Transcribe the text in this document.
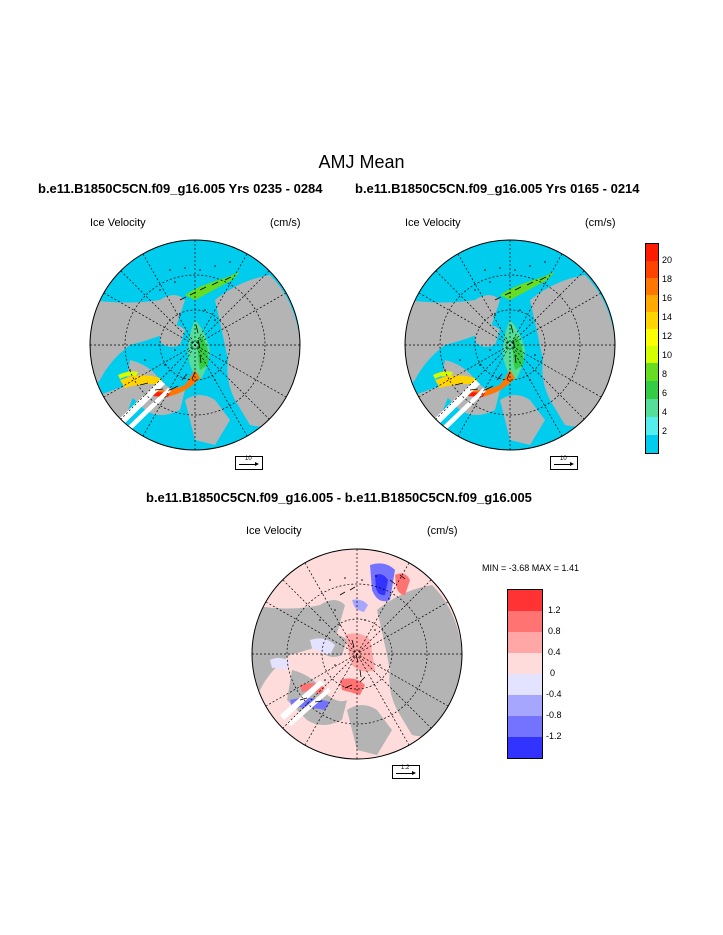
AMJ Mean
b.e11.B1850C5CN.f09_g16.005 Yrs 0235 - 0284 b.e11.B1850C5CN.f09_g16.005 Yrs 0165 - 0214
Ice Velocity	(cm/s)	Ice Velocity	(cm/s)
10	10
20
18
16
14
12
10
8
6
4
2
b.e11.B1850C5CN.f09_g16.005 - b.e11.B1850C5CN.f09_g16.005
Ice Velocity	(cm/s)
MIN = -3.68 MAX = 1.41
1.2
1.2
0.8
0.4
0
-0.4
-0.8
-1.2
